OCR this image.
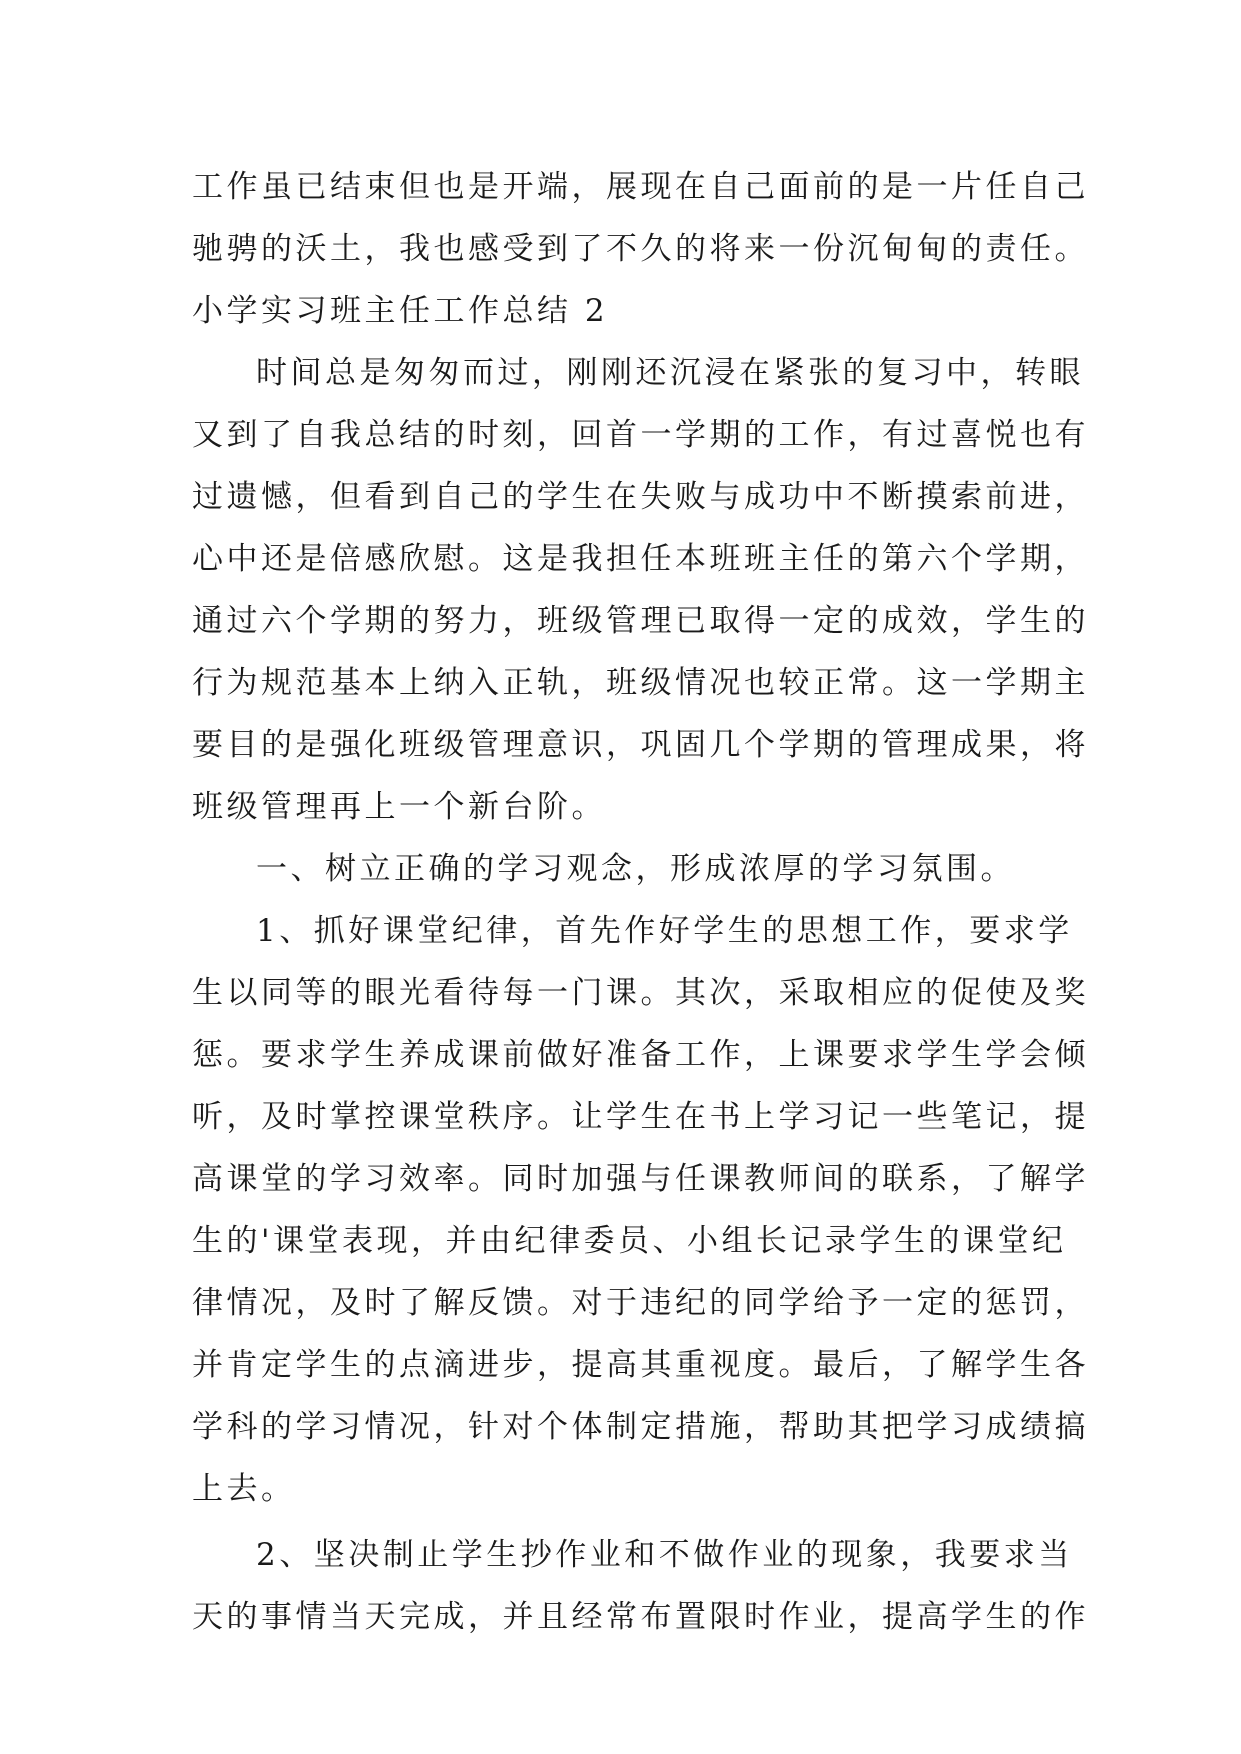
工作虽已结束但也是开端，展现在自己面前的是一片任自己
驰骋的沃土，我也感受到了不久的将来一份沉甸甸的责任。
小学实习班主任工作总结 2
时间总是匆匆而过，刚刚还沉浸在紧张的复习中，转眼
又到了自我总结的时刻，回首一学期的工作，有过喜悦也有
过遗憾，但看到自己的学生在失败与成功中不断摸索前进，
心中还是倍感欣慰。这是我担任本班班主任的第六个学期，
通过六个学期的努力，班级管理已取得一定的成效，学生的
行为规范基本上纳入正轨，班级情况也较正常。这一学期主
要目的是强化班级管理意识，巩固几个学期的管理成果，将
班级管理再上一个新台阶。
一、树立正确的学习观念，形成浓厚的学习氛围。
1、抓好课堂纪律，首先作好学生的思想工作，要求学
生以同等的眼光看待每一门课。其次，采取相应的促使及奖
惩。要求学生养成课前做好准备工作，上课要求学生学会倾
听，及时掌控课堂秩序。让学生在书上学习记一些笔记，提
高课堂的学习效率。同时加强与任课教师间的联系，了解学
生的'课堂表现，并由纪律委员、小组长记录学生的课堂纪
律情况，及时了解反馈。对于违纪的同学给予一定的惩罚，
并肯定学生的点滴进步，提高其重视度。最后，了解学生各
学科的学习情况，针对个体制定措施，帮助其把学习成绩搞
上去。
2、坚决制止学生抄作业和不做作业的现象，我要求当
天的事情当天完成，并且经常布置限时作业，提高学生的作
